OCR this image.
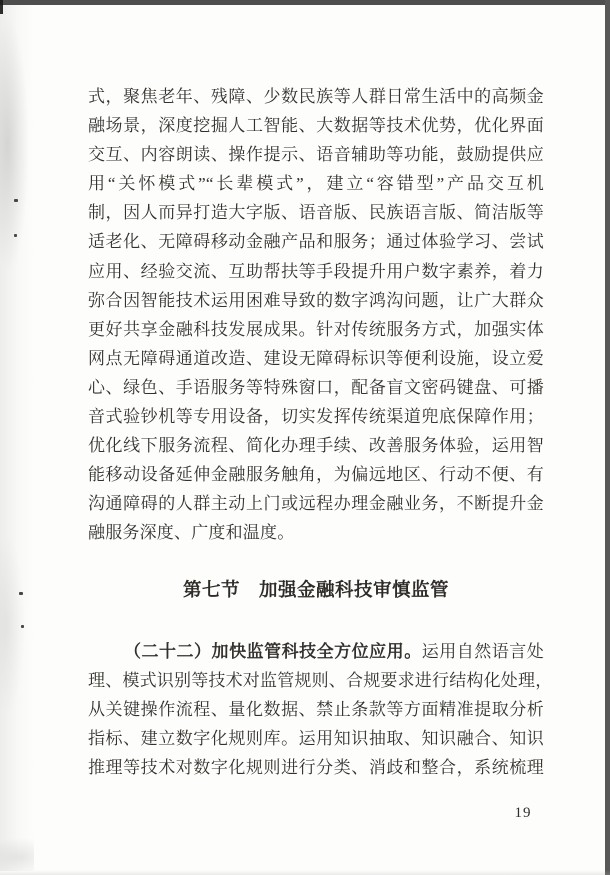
式，聚焦老年、残障、少数民族等人群日常生活中的高频金
融场景，深度挖掘人工智能、大数据等技术优势，优化界面
交互、内容朗读、操作提示、语音辅助等功能，鼓励提供应
用“关怀模式”“长辈模式”，建立“容错型”产品交互机
制，因人而异打造大字版、语音版、民族语言版、简洁版等
适老化、无障碍移动金融产品和服务；通过体验学习、尝试
应用、经验交流、互助帮扶等手段提升用户数字素养，着力
弥合因智能技术运用困难导致的数字鸿沟问题，让广大群众
更好共享金融科技发展成果。针对传统服务方式，加强实体
网点无障碍通道改造、建设无障碍标识等便利设施，设立爱
心、绿色、手语服务等特殊窗口，配备盲文密码键盘、可播
音式验钞机等专用设备，切实发挥传统渠道兜底保障作用；
优化线下服务流程、简化办理手续、改善服务体验，运用智
能移动设备延伸金融服务触角，为偏远地区、行动不便、有
沟通障碍的人群主动上门或远程办理金融业务，不断提升金
融服务深度、广度和温度。
第七节　加强金融科技审慎监管
（二十二）加快监管科技全方位应用。运用自然语言处
理、模式识别等技术对监管规则、合规要求进行结构化处理，
从关键操作流程、量化数据、禁止条款等方面精准提取分析
指标、建立数字化规则库。运用知识抽取、知识融合、知识
推理等技术对数字化规则进行分类、消歧和整合，系统梳理
19
